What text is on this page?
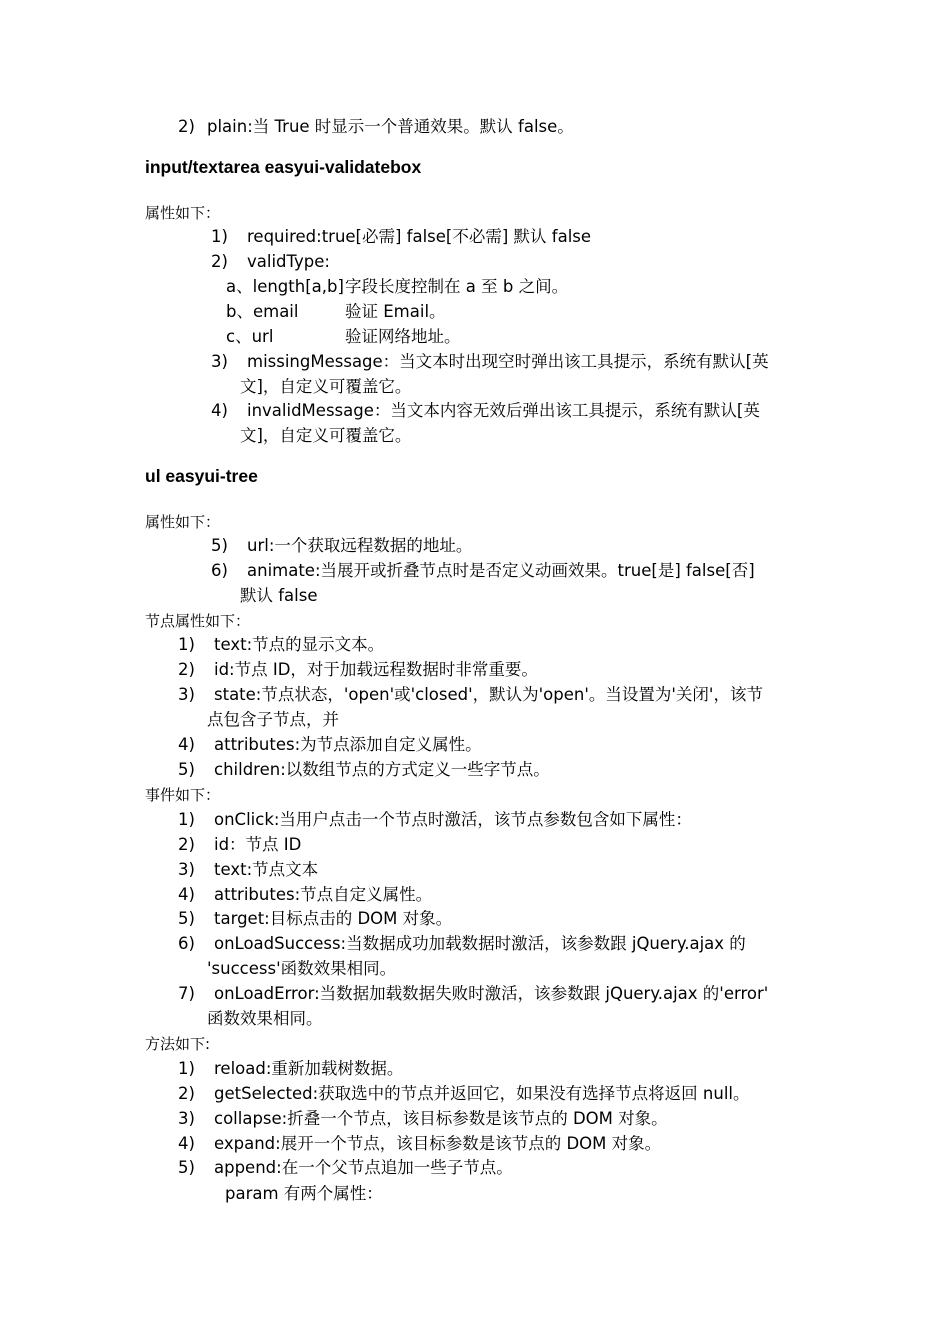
2) plain:当 True 时显示一个普通效果。默认 false。
input/textarea easyui-validatebox
属性如下：
1) required:true[必需] false[不必需] 默认 false
2) validType:
a、length[a,b] 字段长度控制在 a 至 b 之间。
b、email	验证 Email。
c、url	验证网络地址。
3) missingMessage：当文本时出现空时弹出该工具提示，系统有默认[英
文]，自定义可覆盖它。
4) invalidMessage：当文本内容无效后弹出该工具提示，系统有默认[英
文]，自定义可覆盖它。
ul easyui-tree
属性如下：
5) url:一个获取远程数据的地址。
6) animate:当展开或折叠节点时是否定义动画效果。true[是] false[否]
默认 false
节点属性如下：
1) text:节点的显示文本。
2) id:节点 ID，对于加载远程数据时非常重要。
3) state:节点状态，'open'或'closed'，默认为'open'。当设置为'关闭'，该节
点包含子节点，并
4) attributes:为节点添加自定义属性。
5) children:以数组节点的方式定义一些字节点。
事件如下：
1) onClick:当用户点击一个节点时激活，该节点参数包含如下属性：
2) id：节点 ID
3) text:节点文本
4) attributes:节点自定义属性。
5) target:目标点击的 DOM 对象。
6) onLoadSuccess:当数据成功加载数据时激活，该参数跟 jQuery.ajax 的
'success'函数效果相同。
7) onLoadError:当数据加载数据失败时激活，该参数跟 jQuery.ajax 的'error'
函数效果相同。
方法如下:
1) reload:重新加载树数据。
2) getSelected:获取选中的节点并返回它，如果没有选择节点将返回 null。
3) collapse:折叠一个节点，该目标参数是该节点的 DOM 对象。
4) expand:展开一个节点，该目标参数是该节点的 DOM 对象。
5) append:在一个父节点追加一些子节点。
param 有两个属性：
